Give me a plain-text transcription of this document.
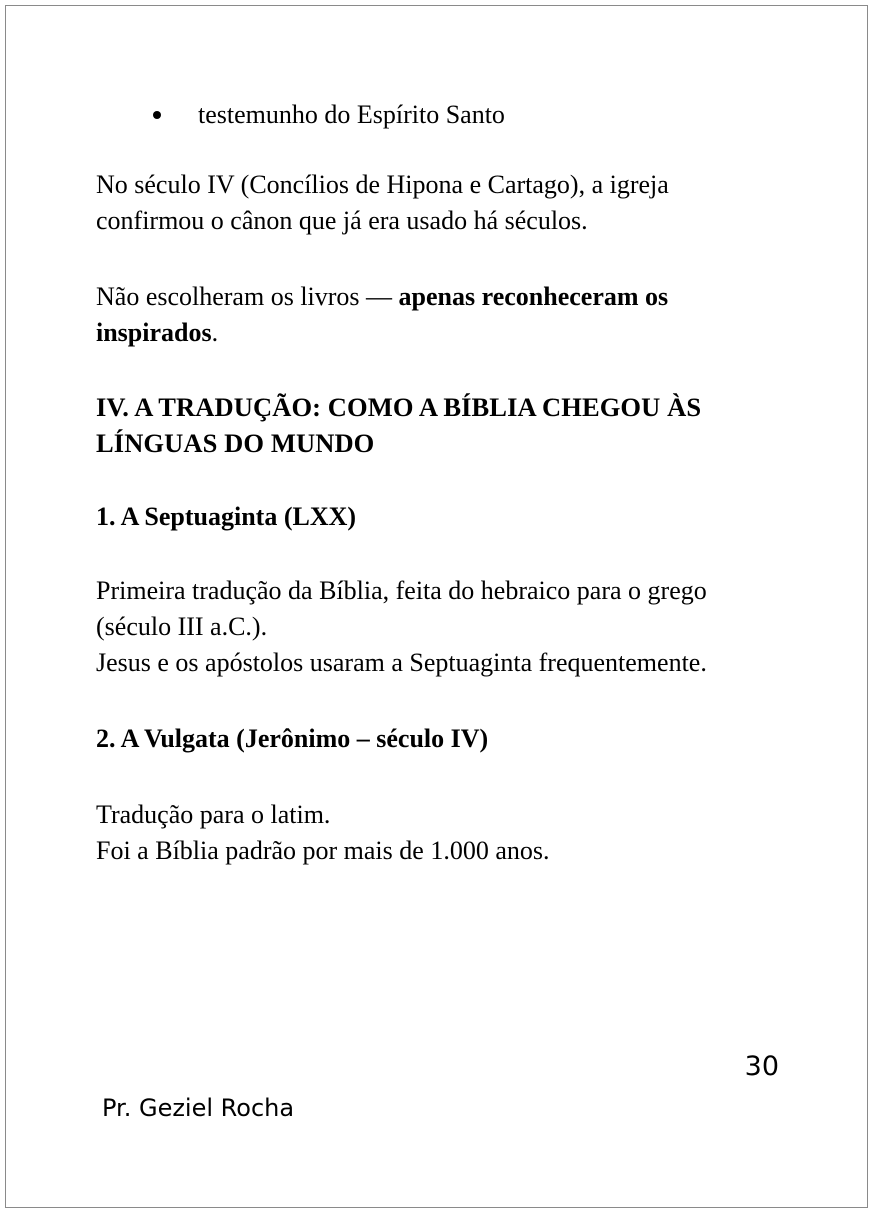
testemunho do Espírito Santo

No século IV (Concílios de Hipona e Cartago), a igreja confirmou o cânon que já era usado há séculos.

Não escolheram os livros — apenas reconheceram os inspirados.

IV. A TRADUÇÃO: COMO A BÍBLIA CHEGOU ÀS LÍNGUAS DO MUNDO
1. A Septuaginta (LXX)

Primeira tradução da Bíblia, feita do hebraico para o grego (século III a.C.).
Jesus e os apóstolos usaram a Septuaginta frequentemente.

2. A Vulgata (Jerônimo – século IV)

Tradução para o latim.
Foi a Bíblia padrão por mais de 1.000 anos.

30
Pr. Geziel Rocha
